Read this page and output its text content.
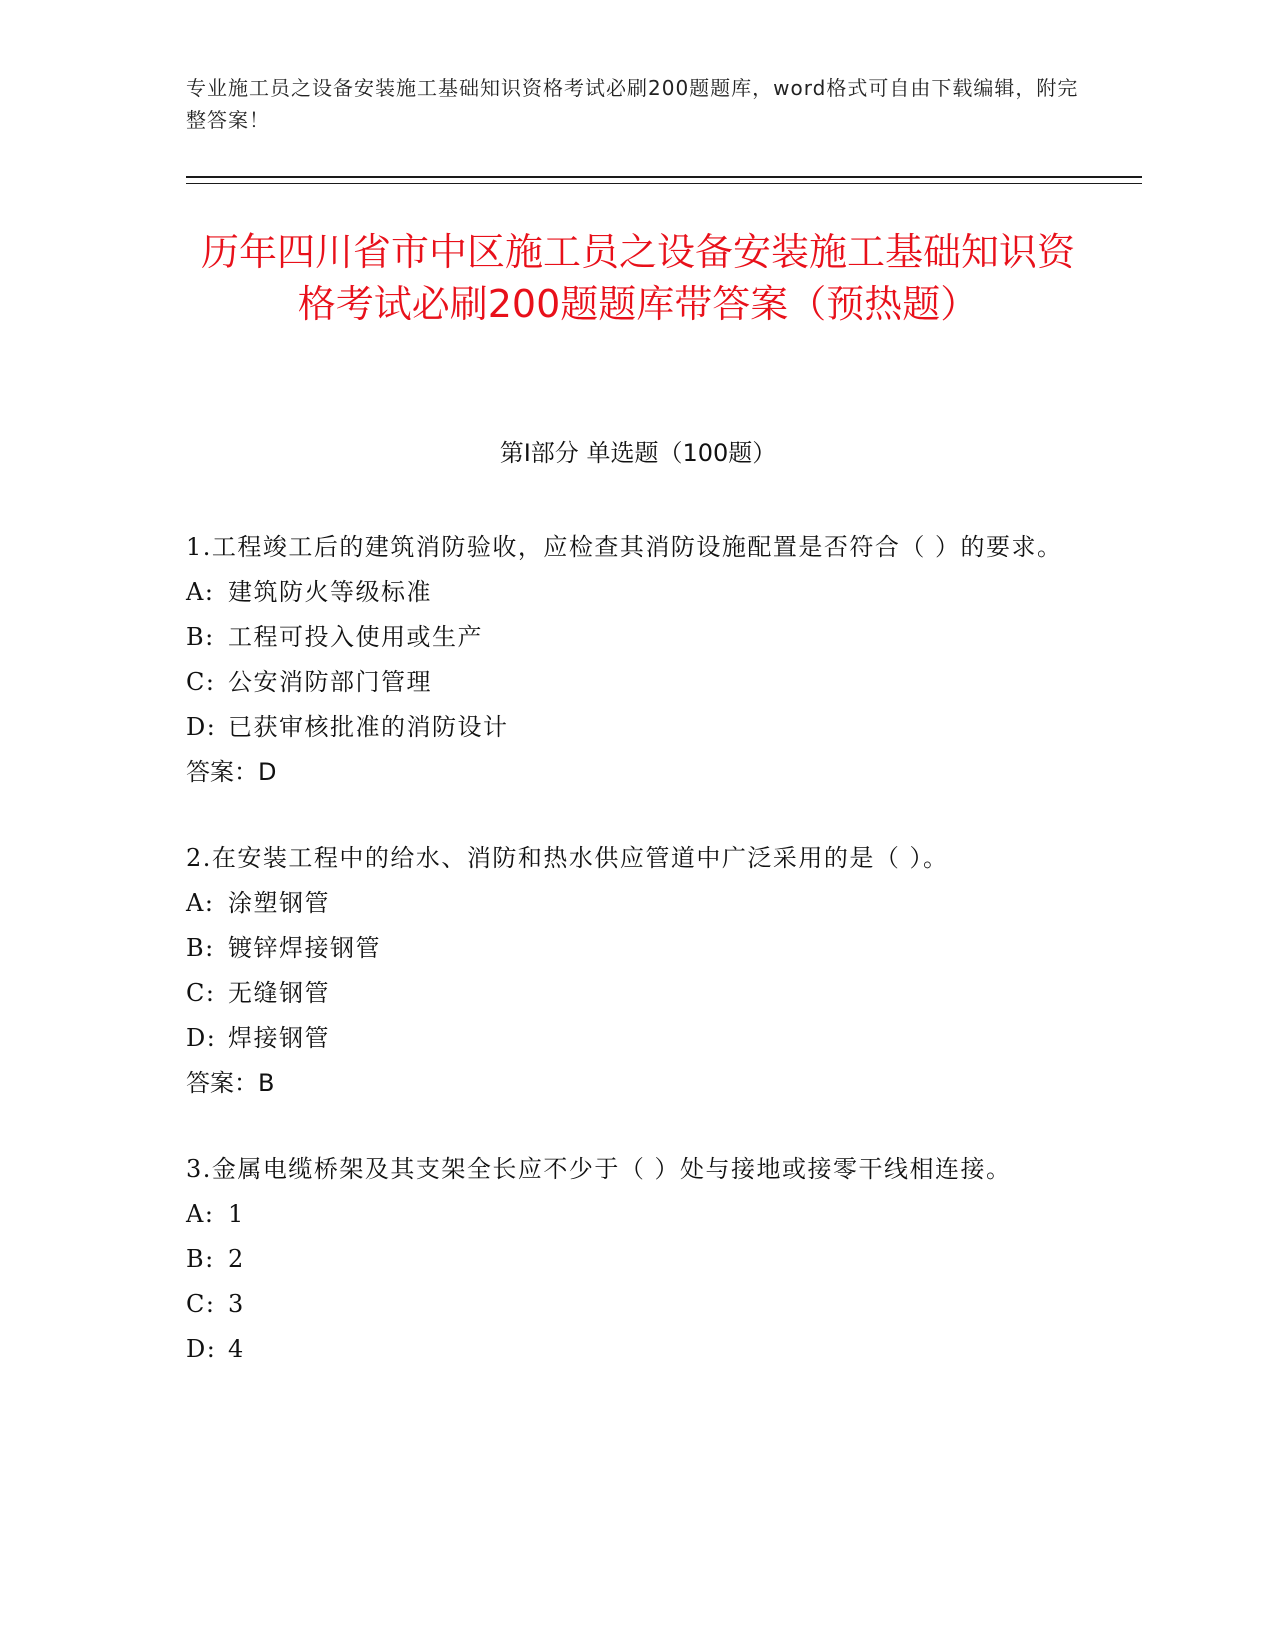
专业施工员之设备安装施工基础知识资格考试必刷200题题库，word格式可自由下载编辑，附完整答案！
历年四川省市中区施工员之设备安装施工基础知识资格考试必刷200题题库带答案（预热题）
第Ⅰ部分 单选题（100题）
1.工程竣工后的建筑消防验收，应检查其消防设施配置是否符合（ ）的要求。
A: 建筑防火等级标准
B: 工程可投入使用或生产
C: 公安消防部门管理
D: 已获审核批准的消防设计
答案：D
2.在安装工程中的给水、消防和热水供应管道中广泛采用的是（ ）。
A: 涂塑钢管
B: 镀锌焊接钢管
C: 无缝钢管
D: 焊接钢管
答案：B
3.金属电缆桥架及其支架全长应不少于（ ）处与接地或接零干线相连接。
A: 1
B: 2
C: 3
D: 4
